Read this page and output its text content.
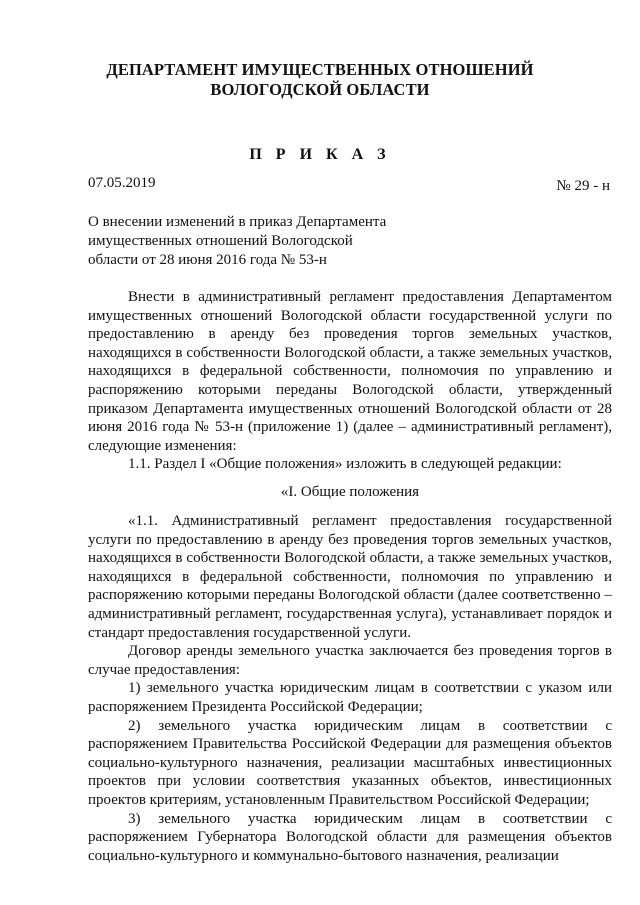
ДЕПАРТАМЕНТ ИМУЩЕСТВЕННЫХ ОТНОШЕНИЙ
ВОЛОГОДСКОЙ ОБЛАСТИ
П Р И К А З
07.05.2019	№ 29 - н
О внесении изменений в приказ Департамента
имущественных отношений Вологодской
области от 28 июня 2016 года № 53-н

Внести в административный регламент предоставления Департаментом имущественных отношений Вологодской области государственной услуги по предоставлению в аренду без проведения торгов земельных участков, находящихся в собственности Вологодской области, а также земельных участков, находящихся в федеральной собственности, полномочия по управлению и распоряжению которыми переданы Вологодской области, утвержденный приказом Департамента имущественных отношений Вологодской области от 28 июня 2016 года № 53-н (приложение 1) (далее – административный регламент), следующие изменения:

1.1. Раздел I «Общие положения» изложить в следующей редакции:

«I. Общие положения

«1.1. Административный регламент предоставления государственной услуги по предоставлению в аренду без проведения торгов земельных участков, находящихся в собственности Вологодской области, а также земельных участков, находящихся в федеральной собственности, полномочия по управлению и распоряжению которыми переданы Вологодской области (далее соответственно – административный регламент, государственная услуга), устанавливает порядок и стандарт предоставления государственной услуги.

Договор аренды земельного участка заключается без проведения торгов в случае предоставления:

1) земельного участка юридическим лицам в соответствии с указом или распоряжением Президента Российской Федерации;

2) земельного участка юридическим лицам в соответствии с распоряжением Правительства Российской Федерации для размещения объектов социально-культурного назначения, реализации масштабных инвестиционных проектов при условии соответствия указанных объектов, инвестиционных проектов критериям, установленным Правительством Российской Федерации;

3) земельного участка юридическим лицам в соответствии с распоряжением Губернатора Вологодской области для размещения объектов социально-культурного и коммунально-бытового назначения, реализации
